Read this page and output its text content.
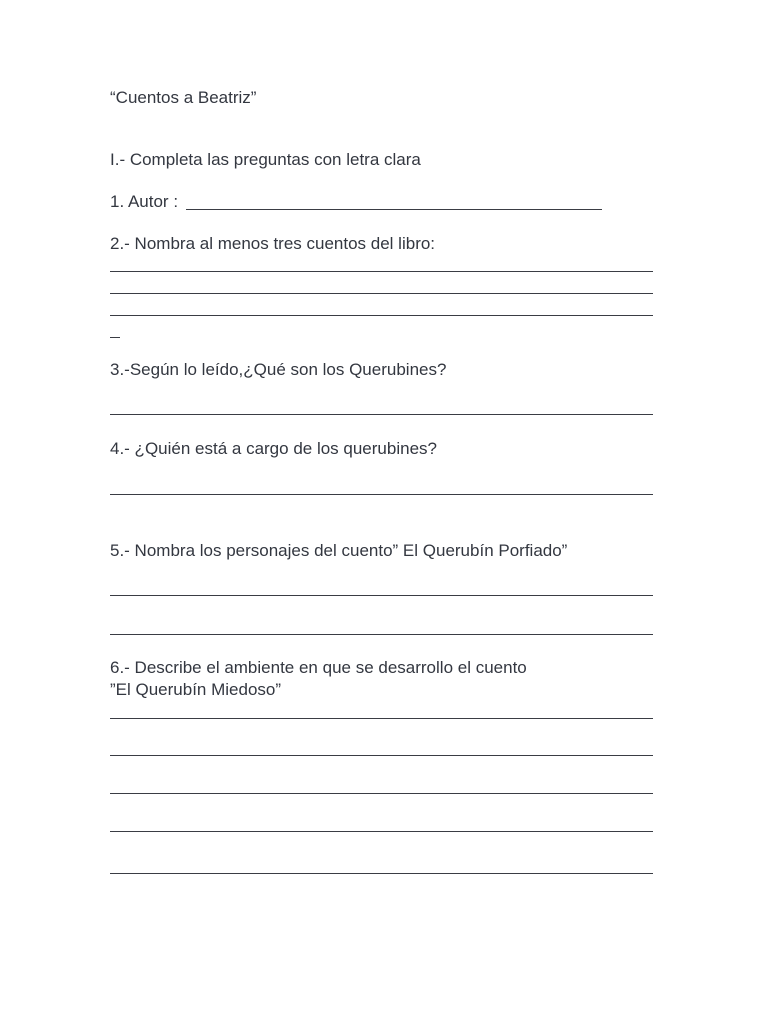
“Cuentos a Beatriz”

I.- Completa las preguntas con letra clara

1. Autor :

2.- Nombra al menos tres cuentos del libro:

3.-Según lo leído,¿Qué son los Querubines?

4.- ¿Quién está a cargo de los querubines?

5.- Nombra los personajes del cuento” El Querubín Porfiado”

6.- Describe el ambiente en que se desarrollo el cuento

”El Querubín Miedoso”
